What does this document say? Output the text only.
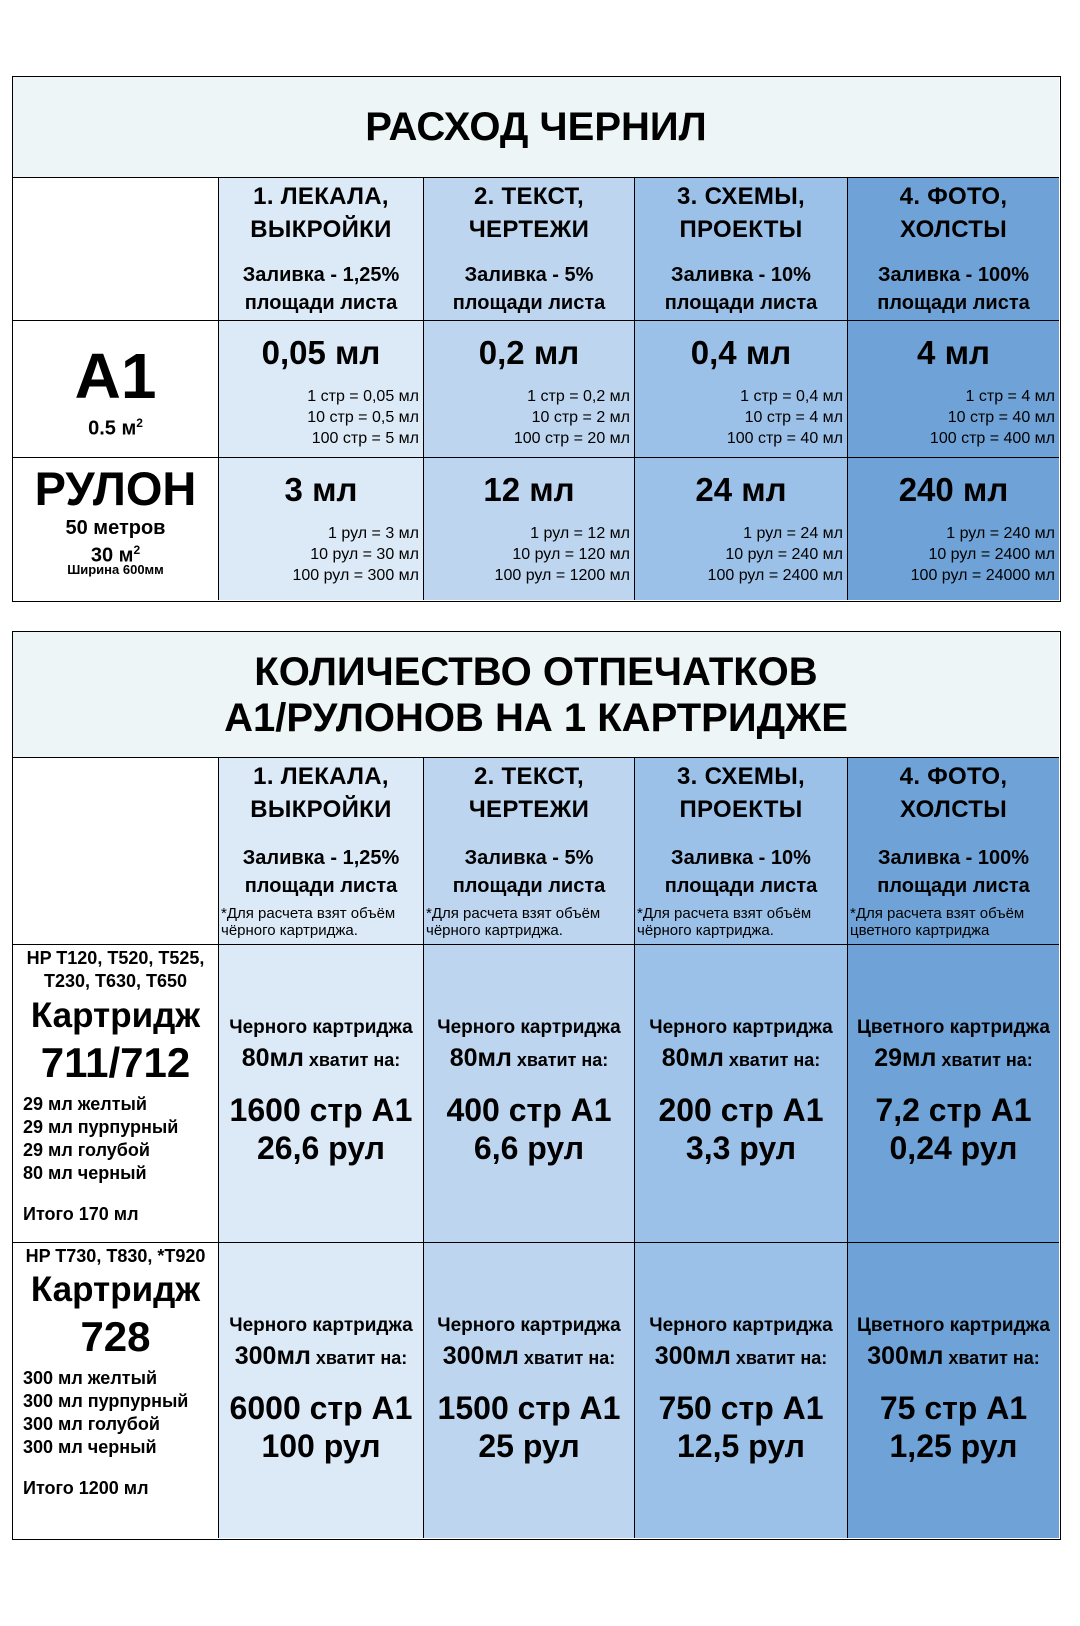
РАСХОД ЧЕРНИЛ
1. ЛЕКАЛА,
ВЫКРОЙКИ
Заливка - 1,25%
площади листа
2. ТЕКСТ,
ЧЕРТЕЖИ
Заливка - 5%
площади листа
3. СХЕМЫ,
ПРОЕКТЫ
Заливка - 10%
площади листа
4. ФОТО,
ХОЛСТЫ
Заливка - 100%
площади листа
A1
0.5 $м^2$
0,05 мл
1 стр = 0,05 мл
10 стр = 0,5 мл
100 стр = 5 мл
0,2 мл
1 стр = 0,2 мл
10 стр = 2 мл
100 стр = 20 мл
0,4 мл
1 стр = 0,4 мл
10 стр = 4 мл
100 стр = 40 мл
4 мл
1 стр = 4 мл
10 стр = 40 мл
100 стр = 400 мл
РУЛОН
50 метров
30 $м^2$
Ширина 600мм
3 мл
1 рул = 3 мл
10 рул = 30 мл
100 рул = 300 мл
12 мл
1 рул = 12 мл
10 рул = 120 мл
100 рул = 1200 мл
24 мл
1 рул = 24 мл
10 рул = 240 мл
100 рул = 2400 мл
240 мл
1 рул = 240 мл
10 рул = 2400 мл
100 рул = 24000 мл
КОЛИЧЕСТВО ОТПЕЧАТКОВ
А1/РУЛОНОВ НА 1 КАРТРИДЖЕ
1. ЛЕКАЛА,
ВЫКРОЙКИ
Заливка - 1,25%
площади листа
*Для расчета взят объём
чёрного картриджа.
2. ТЕКСТ,
ЧЕРТЕЖИ
Заливка - 5%
площади листа
*Для расчета взят объём
чёрного картриджа.
3. СХЕМЫ,
ПРОЕКТЫ
Заливка - 10%
площади листа
*Для расчета взят объём
чёрного картриджа.
4. ФОТО,
ХОЛСТЫ
Заливка - 100%
площади листа
*Для расчета взят объём
цветного картриджа
HP T120, T520, T525,
T230, T630, T650
Картридж
711/712
29 мл желтый
29 мл пурпурный
29 мл голубой
80 мл черный
Итого 170 мл
Черного картриджа
80мл хватит на:
1600 стр А1
26,6 рул
Черного картриджа
80мл хватит на:
400 стр А1
6,6 рул
Черного картриджа
80мл хватит на:
200 стр А1
3,3 рул
Цветного картриджа
29мл хватит на:
7,2 стр А1
0,24 рул
HP T730, T830, *T920
Картридж
728
300 мл желтый
300 мл пурпурный
300 мл голубой
300 мл черный
Итого 1200 мл
Черного картриджа
300мл хватит на:
6000 стр А1
100 рул
Черного картриджа
300мл хватит на:
1500 стр А1
25 рул
Черного картриджа
300мл хватит на:
750 стр А1
12,5 рул
Цветного картриджа
300мл хватит на:
75 стр А1
1,25 рул
